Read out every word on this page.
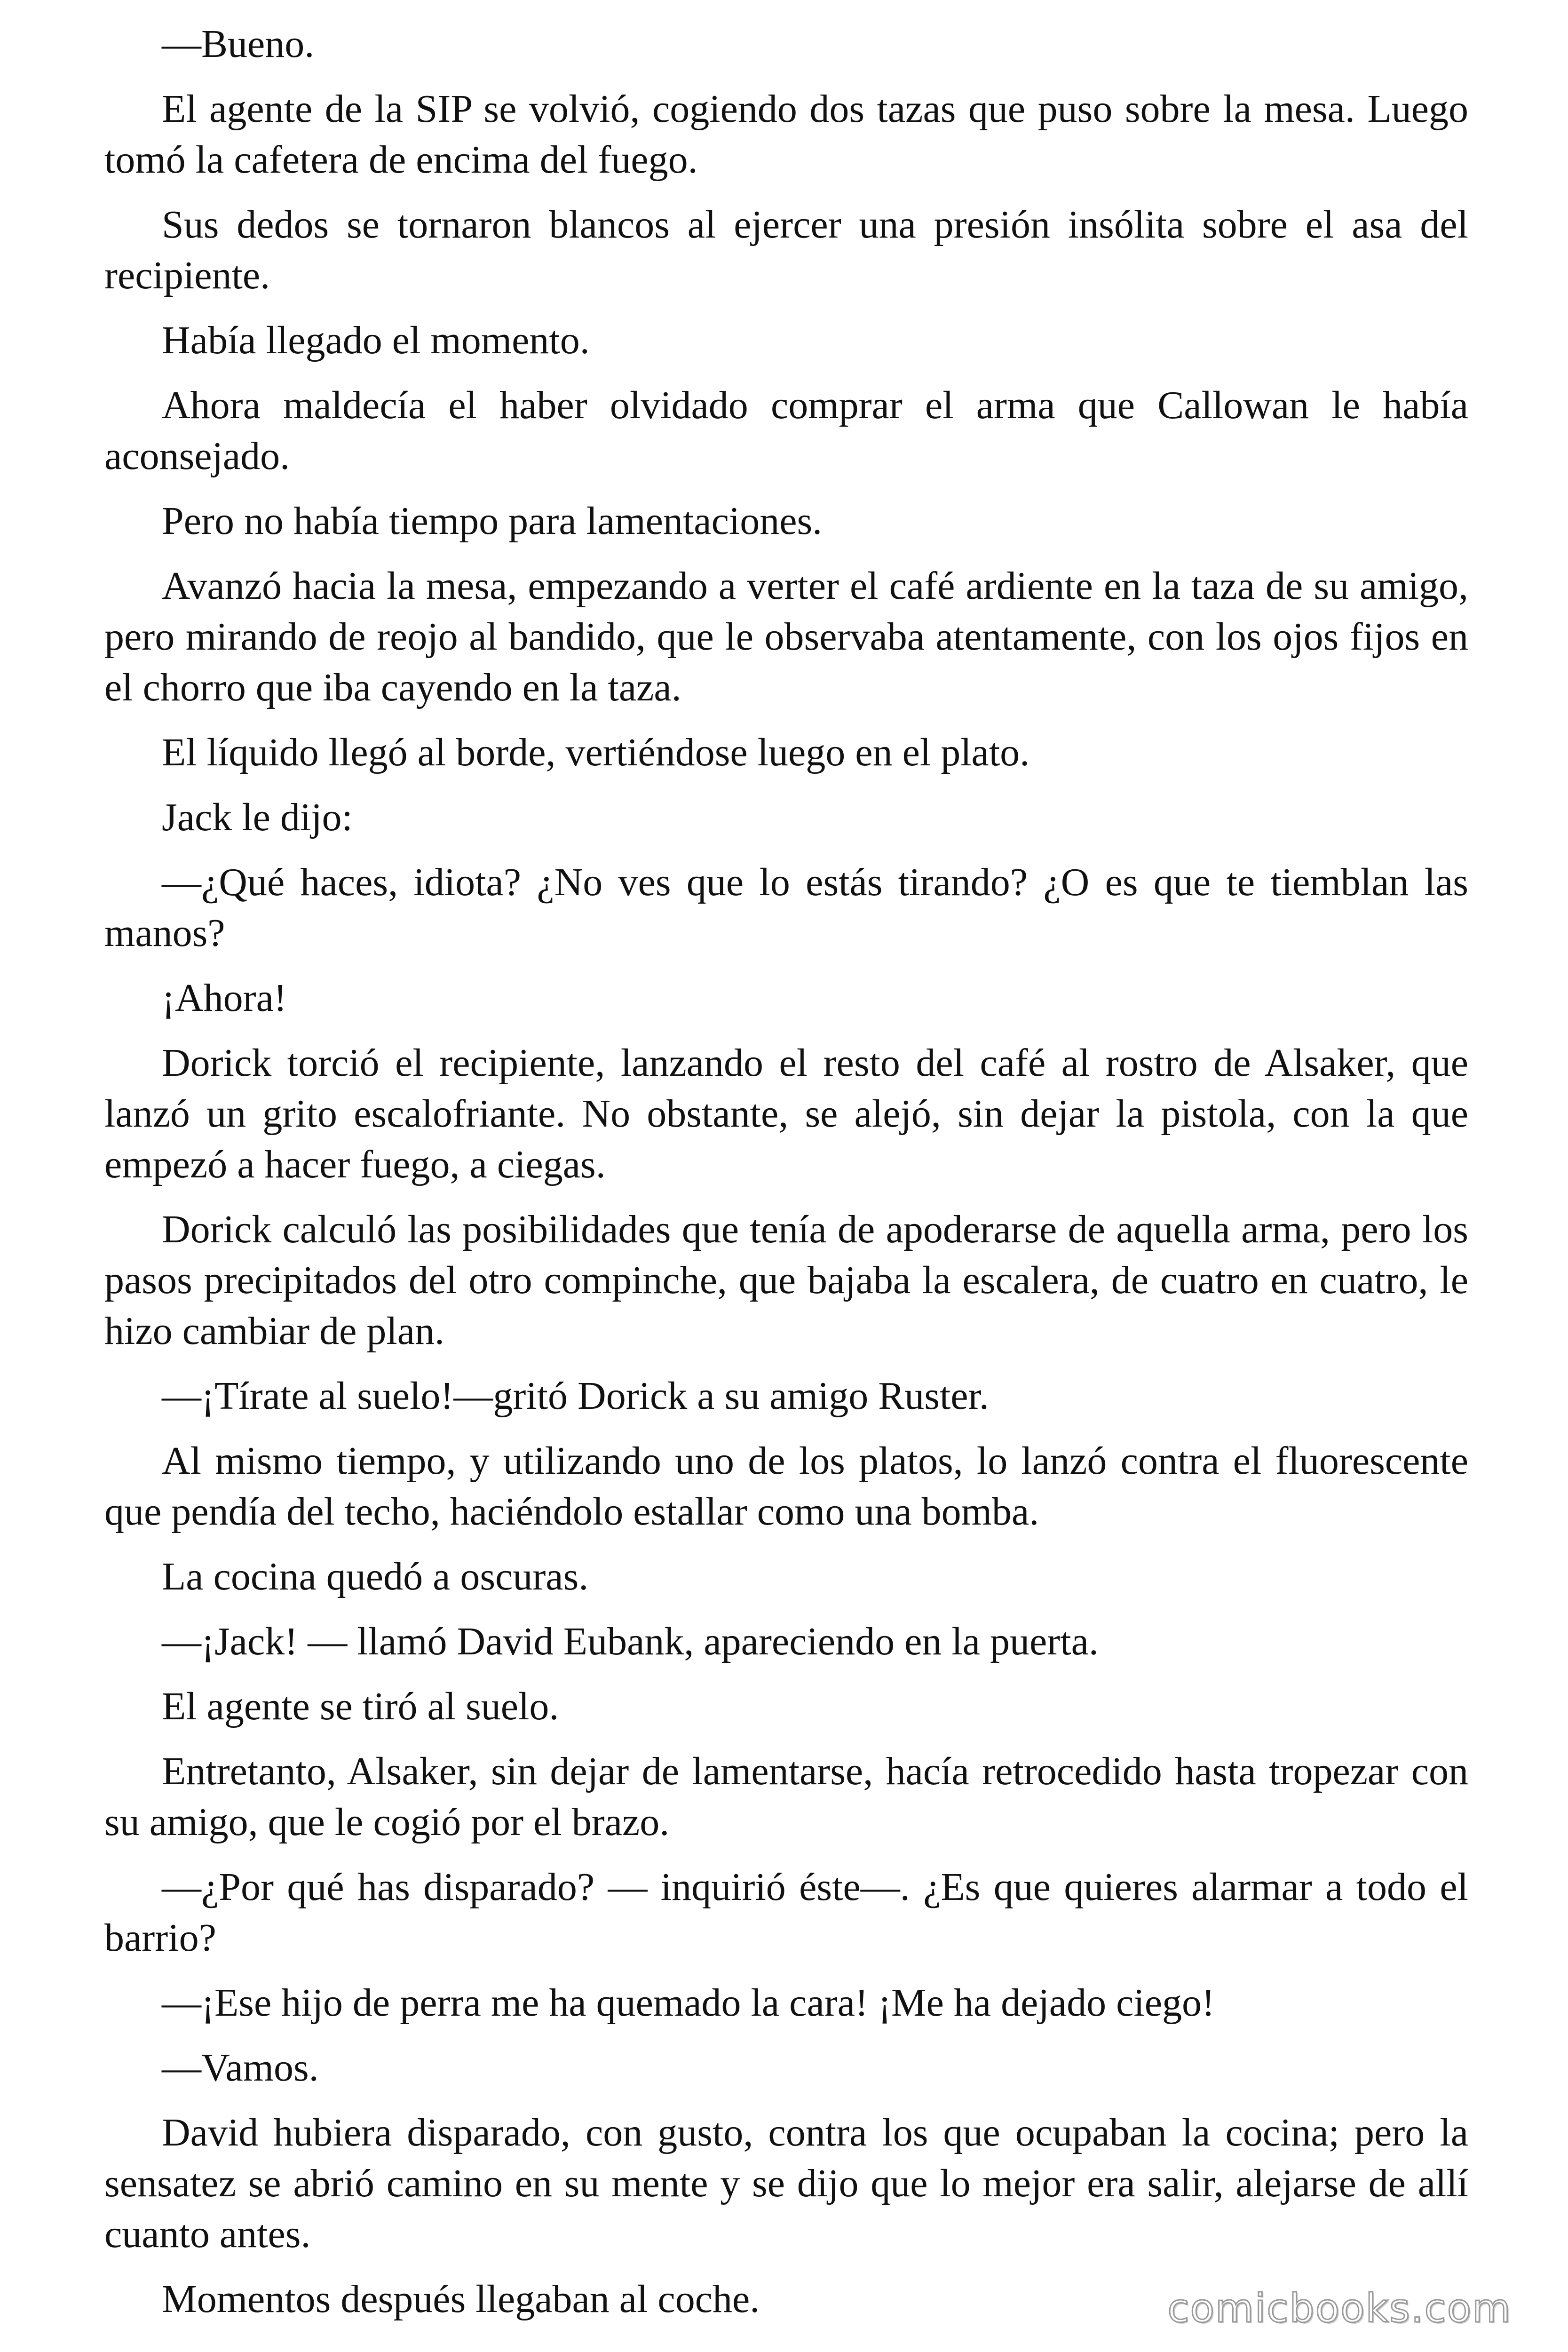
—Bueno.

El agente de la SIP se volvió, cogiendo dos tazas que puso sobre la mesa. Luego tomó la cafetera de encima del fuego.

Sus dedos se tornaron blancos al ejercer una presión insólita sobre el asa del recipiente.

Había llegado el momento.

Ahora maldecía el haber olvidado comprar el arma que Callowan le había aconsejado.

Pero no había tiempo para lamentaciones.

Avanzó hacia la mesa, empezando a verter el café ardiente en la taza de su amigo, pero mirando de reojo al bandido, que le observaba atentamente, con los ojos fijos en el chorro que iba cayendo en la taza.

El líquido llegó al borde, vertiéndose luego en el plato.

Jack le dijo:

—¿Qué haces, idiota? ¿No ves que lo estás tirando? ¿O es que te tiemblan las manos?

¡Ahora!

Dorick torció el recipiente, lanzando el resto del café al rostro de Alsaker, que lanzó un grito escalofriante. No obstante, se alejó, sin dejar la pistola, con la que empezó a hacer fuego, a ciegas.

Dorick calculó las posibilidades que tenía de apoderarse de aquella arma, pero los pasos precipitados del otro compinche, que bajaba la escalera, de cuatro en cuatro, le hizo cambiar de plan.

—¡Tírate al suelo!—gritó Dorick a su amigo Ruster.

Al mismo tiempo, y utilizando uno de los platos, lo lanzó contra el fluorescente que pendía del techo, haciéndolo estallar como una bomba.

La cocina quedó a oscuras.

—¡Jack! — llamó David Eubank, apareciendo en la puerta.

El agente se tiró al suelo.

Entretanto, Alsaker, sin dejar de lamentarse, hacía retrocedido hasta tropezar con su amigo, que le cogió por el brazo.

—¿Por qué has disparado? — inquirió éste—. ¿Es que quieres alarmar a todo el barrio?

—¡Ese hijo de perra me ha quemado la cara! ¡Me ha dejado ciego!

—Vamos.

David hubiera disparado, con gusto, contra los que ocupaban la cocina; pero la sensatez se abrió camino en su mente y se dijo que lo mejor era salir, alejarse de allí cuanto antes.

Momentos después llegaban al coche.	comicbooks.com
